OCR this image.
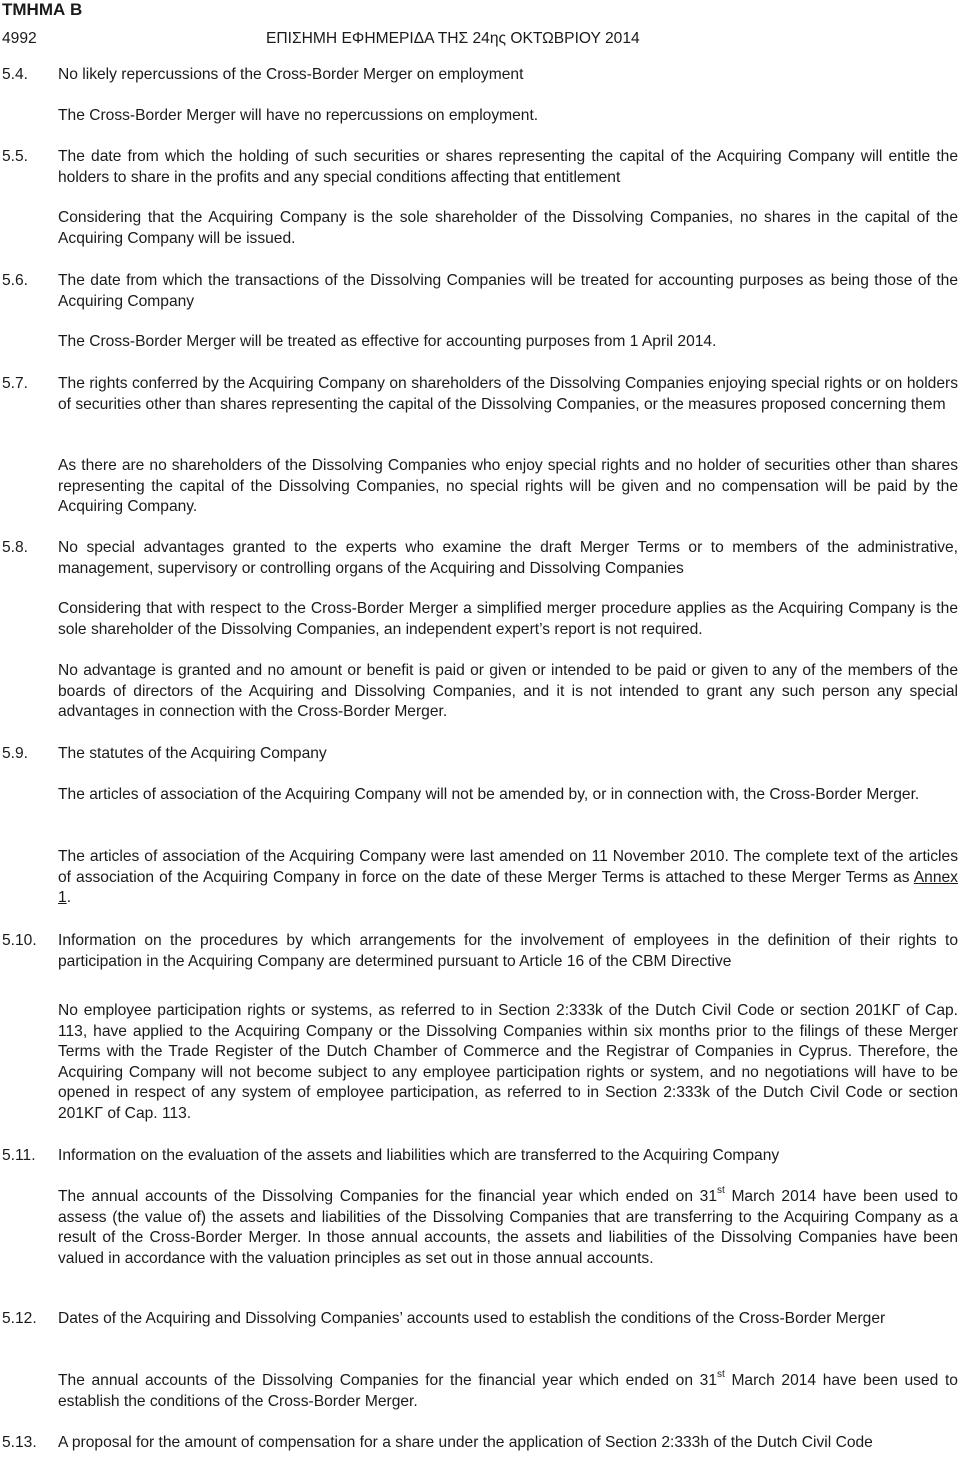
ΤΜΗΜΑ Β
4992	ΕΠΙΣΗΜΗ ΕΦΗΜΕΡΙΔΑ ΤΗΣ 24ης ΟΚΤΩΒΡΙΟΥ 2014
5.4. No likely repercussions of the Cross-Border Merger on employment

The Cross-Border Merger will have no repercussions on employment.

5.5. The date from which the holding of such securities or shares representing the capital of the Acquiring Company will entitle the holders to share in the profits and any special conditions affecting that entitlement

Considering that the Acquiring Company is the sole shareholder of the Dissolving Companies, no shares in the capital of the Acquiring Company will be issued.

5.6. The date from which the transactions of the Dissolving Companies will be treated for accounting purposes as being those of the Acquiring Company

The Cross-Border Merger will be treated as effective for accounting purposes from 1 April 2014.

5.7. The rights conferred by the Acquiring Company on shareholders of the Dissolving Companies enjoying special rights or on holders of securities other than shares representing the capital of the Dissolving Companies, or the measures proposed concerning them

As there are no shareholders of the Dissolving Companies who enjoy special rights and no holder of securities other than shares representing the capital of the Dissolving Companies, no special rights will be given and no compensation will be paid by the Acquiring Company.

5.8. No special advantages granted to the experts who examine the draft Merger Terms or to members of the administrative, management, supervisory or controlling organs of the Acquiring and Dissolving Companies

Considering that with respect to the Cross-Border Merger a simplified merger procedure applies as the Acquiring Company is the sole shareholder of the Dissolving Companies, an independent expert’s report is not required.

No advantage is granted and no amount or benefit is paid or given or intended to be paid or given to any of the members of the boards of directors of the Acquiring and Dissolving Companies, and it is not intended to grant any such person any special advantages in connection with the Cross-Border Merger.

5.9. The statutes of the Acquiring Company

The articles of association of the Acquiring Company will not be amended by, or in connection with, the Cross-Border Merger.

The articles of association of the Acquiring Company were last amended on 11 November 2010. The complete text of the articles of association of the Acquiring Company in force on the date of these Merger Terms is attached to these Merger Terms as Annex 1.

5.10. Information on the procedures by which arrangements for the involvement of employees in the definition of their rights to participation in the Acquiring Company are determined pursuant to Article 16 of the CBM Directive

No employee participation rights or systems, as referred to in Section 2:333k of the Dutch Civil Code or section 201ΚΓ of Cap. 113, have applied to the Acquiring Company or the Dissolving Companies within six months prior to the filings of these Merger Terms with the Trade Register of the Dutch Chamber of Commerce and the Registrar of Companies in Cyprus. Therefore, the Acquiring Company will not become subject to any employee participation rights or system, and no negotiations will have to be opened in respect of any system of employee participation, as referred to in Section 2:333k of the Dutch Civil Code or section 201ΚΓ of Cap. 113.

5.11. Information on the evaluation of the assets and liabilities which are transferred to the Acquiring Company

The annual accounts of the Dissolving Companies for the financial year which ended on 31st March 2014 have been used to assess (the value of) the assets and liabilities of the Dissolving Companies that are transferring to the Acquiring Company as a result of the Cross-Border Merger. In those annual accounts, the assets and liabilities of the Dissolving Companies have been valued in accordance with the valuation principles as set out in those annual accounts.

5.12. Dates of the Acquiring and Dissolving Companies’ accounts used to establish the conditions of the Cross-Border Merger

The annual accounts of the Dissolving Companies for the financial year which ended on 31st March 2014 have been used to establish the conditions of the Cross-Border Merger.

5.13. A proposal for the amount of compensation for a share under the application of Section 2:333h of the Dutch Civil Code
